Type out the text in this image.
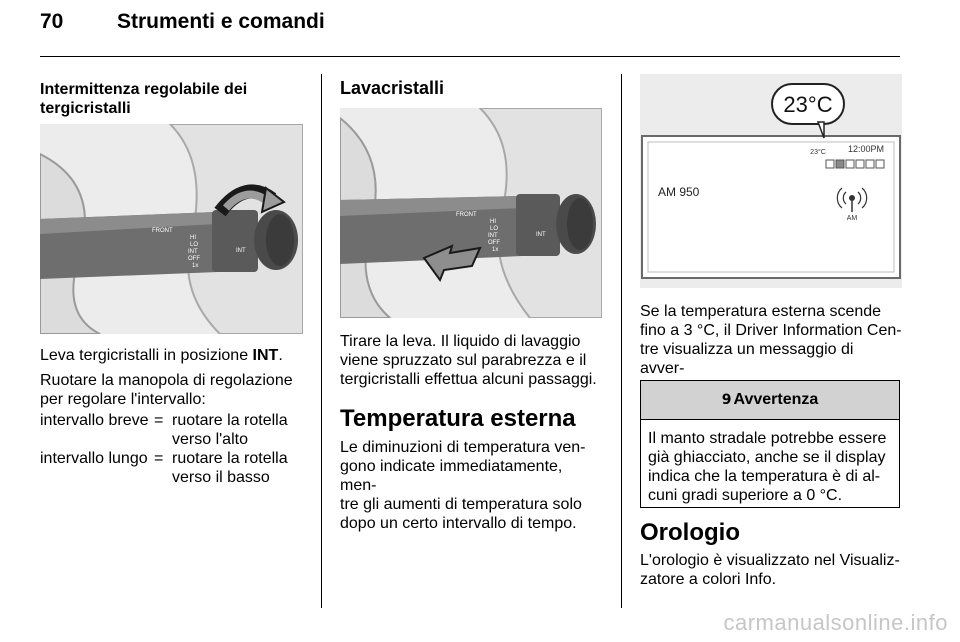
70	Strumenti e comandi
Intermittenza regolabile dei
tergicristalli
FRONT
HI
LO
INT
OFF
1x
INT
Leva tergicristalli in posizione INT.
Ruotare la manopola di regolazione
per regolare l'intervallo:
intervallo breve = ruotare la rotella
verso l'alto
intervallo lungo = ruotare la rotella
verso il basso
Lavacristalli
FRONT
HI
LO
INT
OFF
1x
INT
Tirare la leva. Il liquido di lavaggio
viene spruzzato sul parabrezza e il
tergicristalli effettua alcuni passaggi.
Temperatura esterna
Le diminuzioni di temperatura ven-
gono indicate immediatamente, men-
tre gli aumenti di temperatura solo
dopo un certo intervallo di tempo.
23°C
23°C 12:00PM
AM 950
AM
Se la temperatura esterna scende
fino a 3 °C, il Driver Information Cen-
tre visualizza un messaggio di avver-
9 Avvertenza
Il manto stradale potrebbe essere
già ghiacciato, anche se il display
indica che la temperatura è di al-
cuni gradi superiore a 0 °C.
Orologio
L'orologio è visualizzato nel Visualiz-
zatore a colori Info.
carmanualsonline.info
